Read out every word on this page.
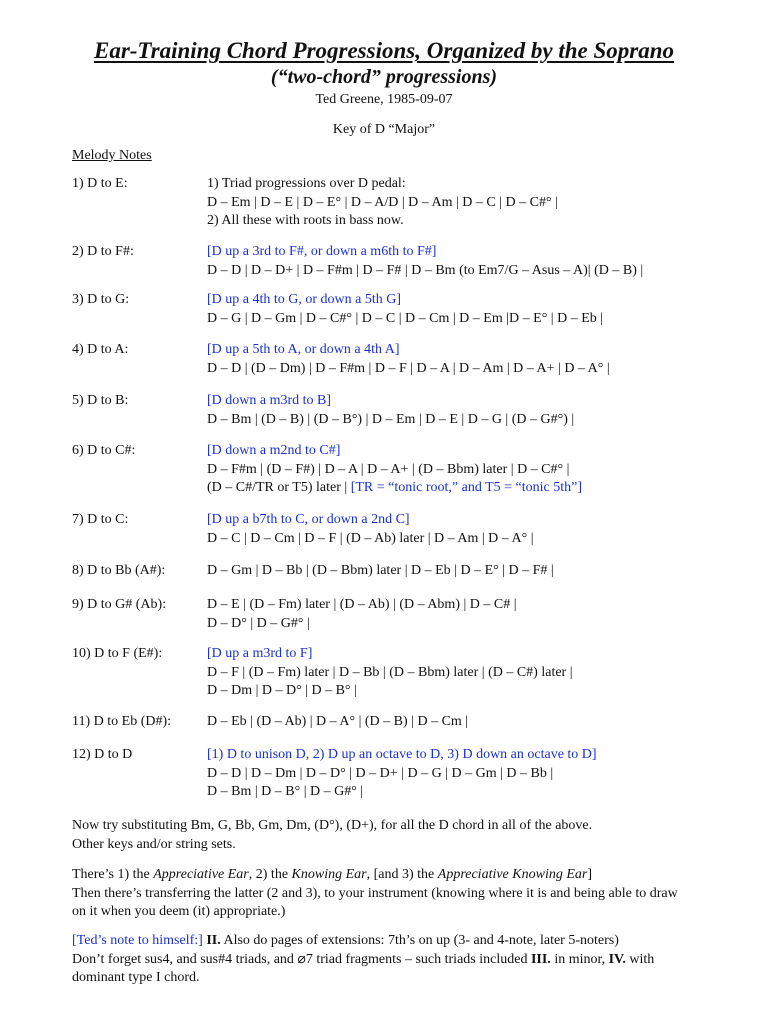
Ear-Training Chord Progressions, Organized by the Soprano
(“two-chord” progressions)
Ted Greene, 1985-09-07
Key of D “Major”
Melody Notes
1) D to E:	1) Triad progressions over D pedal:
D – Em | D – E | D – E° | D – A/D | D – Am | D – C | D – C#° |
2) All these with roots in bass now.
2) D to F#:	[D up a 3rd to F#, or down a m6th to F#]
D – D | D – D+ | D – F#m | D – F# | D – Bm (to Em7/G – Asus – A)| (D – B) |
3) D to G:	[D up a 4th to G, or down a 5th G]
D – G | D – Gm | D – C#° | D – C | D – Cm | D – Em |D – E° | D – Eb |
4) D to A:	[D up a 5th to A, or down a 4th A]
D – D | (D – Dm) | D – F#m | D – F | D – A | D – Am | D – A+ | D – A° |
5) D to B:	[D down a m3rd to B]
D – Bm | (D – B) | (D – B°) | D – Em | D – E | D – G | (D – G#°) |
6) D to C#:	[D down a m2nd to C#]
D – F#m | (D – F#) | D – A | D – A+ | (D – Bbm) later | D – C#° |
(D – C#/TR or T5) later | [TR = “tonic root,” and T5 = “tonic 5th”]
7) D to C:	[D up a b7th to C, or down a 2nd C]
D – C | D – Cm | D – F | (D – Ab) later | D – Am | D – A° |
8) D to Bb (A#):	D – Gm | D – Bb | (D – Bbm) later | D – Eb | D – E° | D – F# |
9) D to G# (Ab):	D – E | (D – Fm) later | (D – Ab) | (D – Abm) | D – C# |
D – D° | D – G#° |
10) D to F (E#):	[D up a m3rd to F]
D – F | (D – Fm) later | D – Bb | (D – Bbm) later | (D – C#) later |
D – Dm | D – D° | D – B° |
11) D to Eb (D#):	D – Eb | (D – Ab) | D – A° | (D – B) | D – Cm |
12) D to D	[1) D to unison D, 2) D up an octave to D, 3) D down an octave to D]
D – D | D – Dm | D – D° | D – D+ | D – G | D – Gm | D – Bb |
D – Bm | D – B° | D – G#° |
Now try substituting Bm, G, Bb, Gm, Dm, (D°), (D+), for all the D chord in all of the above.
Other keys and/or string sets.
There’s 1) the Appreciative Ear, 2) the Knowing Ear, [and 3) the Appreciative Knowing Ear]
Then there’s transferring the latter (2 and 3), to your instrument (knowing where it is and being able to draw
on it when you deem (it) appropriate.)
[Ted’s note to himself:] II. Also do pages of extensions: 7th’s on up (3- and 4-note, later 5-noters)
Don’t forget sus4, and sus#4 triads, and ⌀7 triad fragments – such triads included III. in minor, IV. with
dominant type I chord.
